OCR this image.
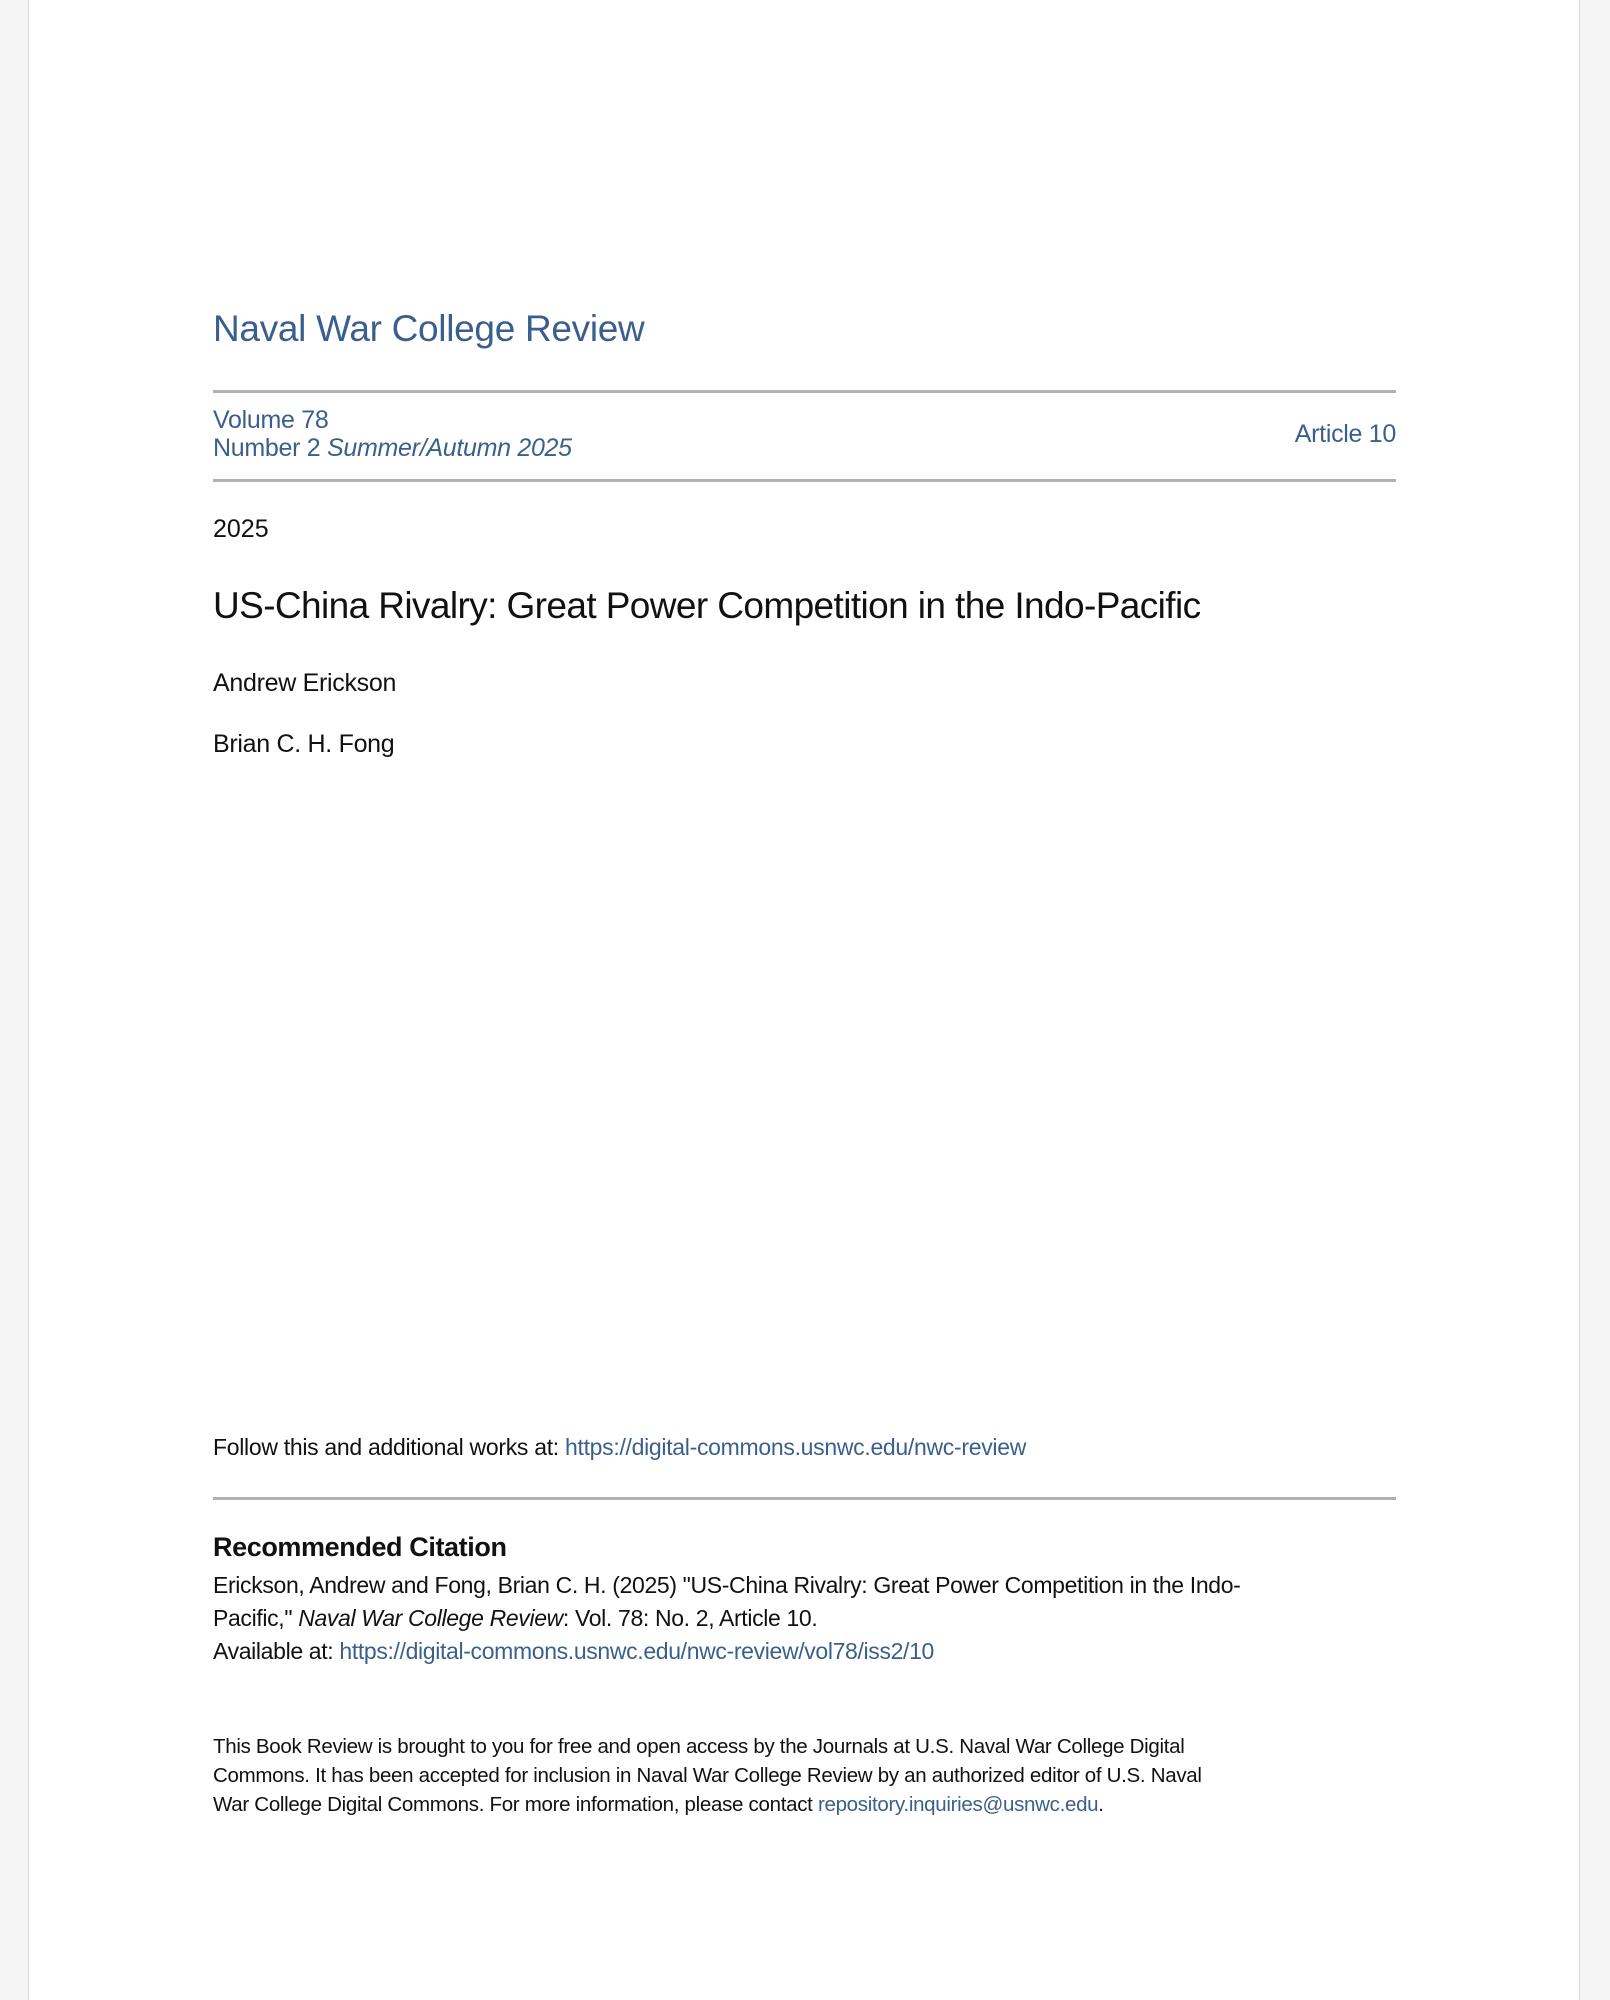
Naval War College Review
Volume 78
Number 2 Summer/Autumn 2025	Article 10
2025
US-China Rivalry: Great Power Competition in the Indo-Pacific
Andrew Erickson
Brian C. H. Fong
Follow this and additional works at: https://digital-commons.usnwc.edu/nwc-review
Recommended Citation
Erickson, Andrew and Fong, Brian C. H. (2025) "US-China Rivalry: Great Power Competition in the Indo-
Pacific," Naval War College Review: Vol. 78: No. 2, Article 10.
Available at: https://digital-commons.usnwc.edu/nwc-review/vol78/iss2/10
This Book Review is brought to you for free and open access by the Journals at U.S. Naval War College Digital
Commons. It has been accepted for inclusion in Naval War College Review by an authorized editor of U.S. Naval
War College Digital Commons. For more information, please contact repository.inquiries@usnwc.edu.
